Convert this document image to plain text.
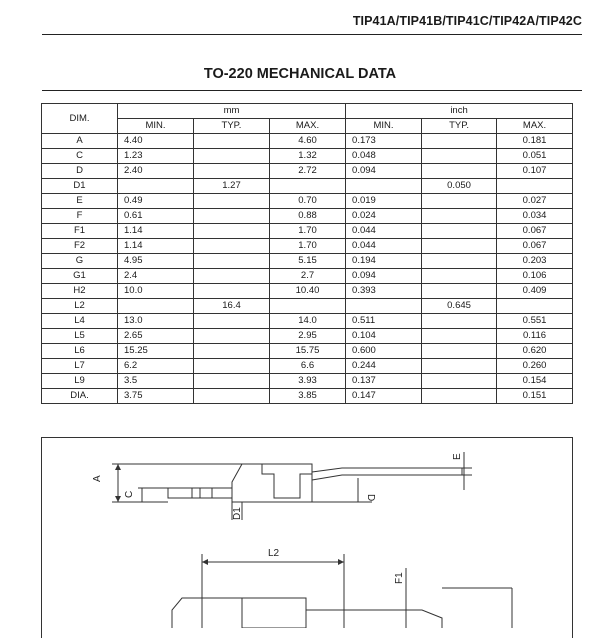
TIP41A/TIP41B/TIP41C/TIP42A/TIP42C
TO-220 MECHANICAL DATA
DIM.	mm			inch		
	MIN.	TYP.	MAX.	MIN.	TYP.	MAX.
A	4.40		4.60	0.173		0.181
C	1.23		1.32	0.048		0.051
D	2.40		2.72	0.094		0.107
D1		1.27			0.050	
E	0.49		0.70	0.019		0.027
F	0.61		0.88	0.024		0.034
F1	1.14		1.70	0.044		0.067
F2	1.14		1.70	0.044		0.067
G	4.95		5.15	0.194		0.203
G1	2.4		2.7	0.094		0.106
H2	10.0		10.40	0.393		0.409
L2		16.4			0.645	
L4	13.0		14.0	0.511		0.551
L5	2.65		2.95	0.104		0.116
L6	15.25		15.75	0.600		0.620
L7	6.2		6.6	0.244		0.260
L9	3.5		3.93	0.137		0.154
DIA.	3.75		3.85	0.147		0.151
A
C	D
D1
E
L2
F1
